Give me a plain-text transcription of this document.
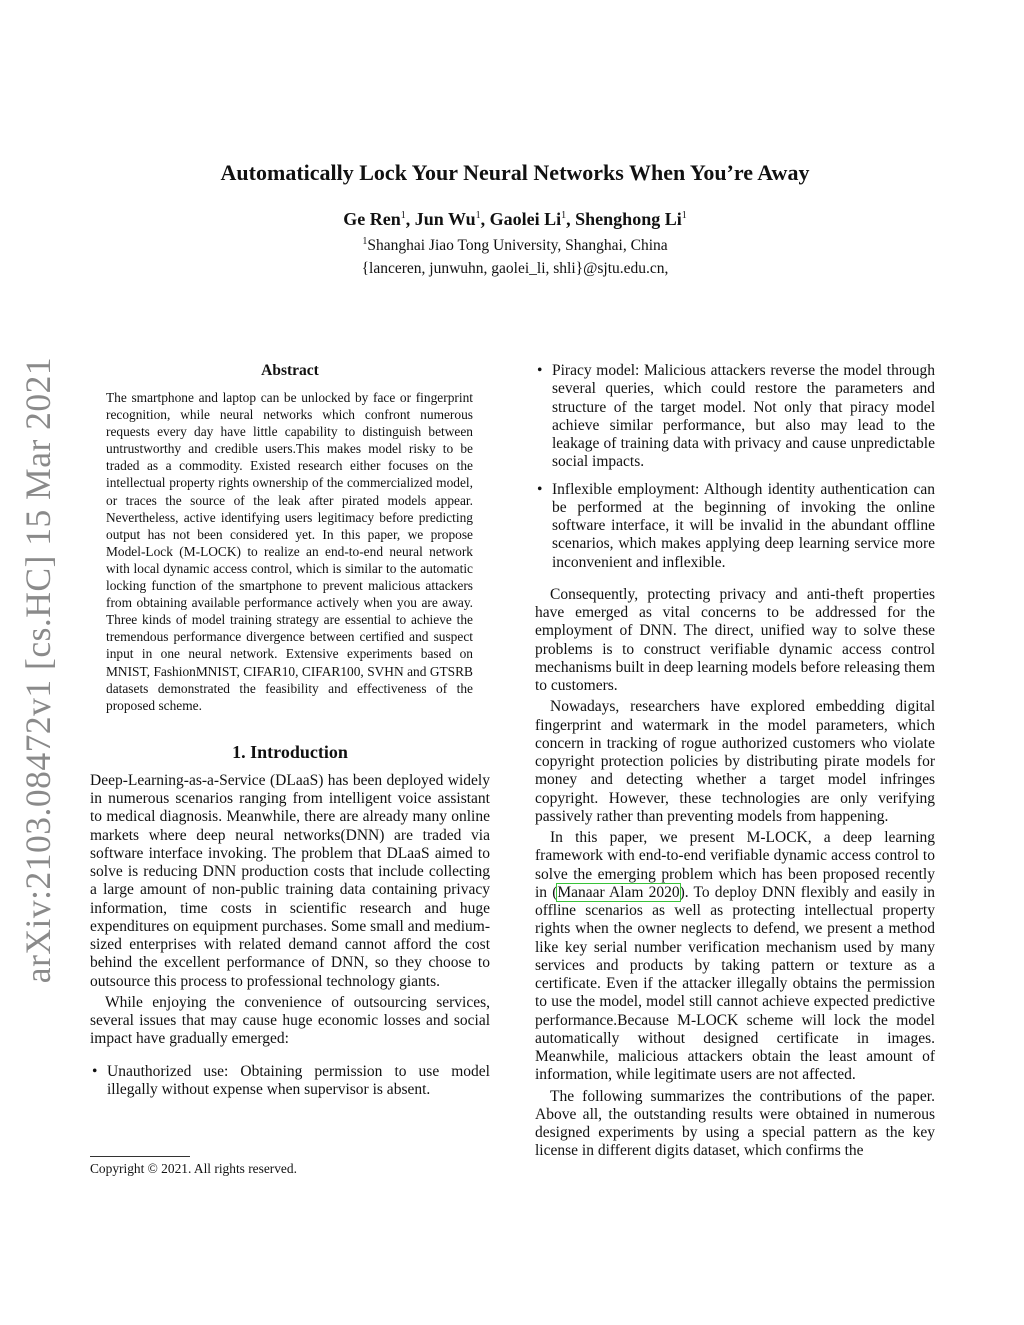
arXiv:2103.08472v1 [cs.HC] 15 Mar 2021
Automatically Lock Your Neural Networks When You’re Away
Ge Ren$^1$, Jun Wu$^1$, Gaolei Li$^1$, Shenghong Li$^1$
$^1$Shanghai Jiao Tong University, Shanghai, China
{lanceren, junwuhn, gaolei_li, shli}@sjtu.edu.cn,
Abstract

The smartphone and laptop can be unlocked by face or fingerprint recognition, while neural networks which confront numerous requests every day have little capability to distinguish between untrustworthy and credible users.This makes model risky to be traded as a commodity. Existed research either focuses on the intellectual property rights ownership of the commercialized model, or traces the source of the leak after pirated models appear. Nevertheless, active identifying users legitimacy before predicting output has not been considered yet. In this paper, we propose Model-Lock (M-LOCK) to realize an end-to-end neural network with local dynamic access control, which is similar to the automatic locking function of the smartphone to prevent malicious attackers from obtaining available performance actively when you are away. Three kinds of model training strategy are essential to achieve the tremendous performance divergence between certified and suspect input in one neural network. Extensive experiments based on MNIST, FashionMNIST, CIFAR10, CIFAR100, SVHN and GTSRB datasets demonstrated the feasibility and effectiveness of the proposed scheme.

1. Introduction

Deep-Learning-as-a-Service (DLaaS) has been deployed widely in numerous scenarios ranging from intelligent voice assistant to medical diagnosis. Meanwhile, there are already many online markets where deep neural networks(DNN) are traded via software interface invoking. The problem that DLaaS aimed to solve is reducing DNN production costs that include collecting a large amount of non-public training data containing privacy information, time costs in scientific research and huge expenditures on equipment purchases. Some small and medium-sized enterprises with related demand cannot afford the cost behind the excellent performance of DNN, so they choose to outsource this process to professional technology giants.

While enjoying the convenience of outsourcing services, several issues that may cause huge economic losses and social impact have gradually emerged:

• Unauthorized use: Obtaining permission to use model illegally without expense when supervisor is absent.
• Piracy model: Malicious attackers reverse the model through several queries, which could restore the parameters and structure of the target model. Not only that piracy model achieve similar performance, but also may lead to the leakage of training data with privacy and cause unpredictable social impacts.
• Inflexible employment: Although identity authentication can be performed at the beginning of invoking the online software interface, it will be invalid in the abundant offline scenarios, which makes applying deep learning service more inconvenient and inflexible.

Consequently, protecting privacy and anti-theft properties have emerged as vital concerns to be addressed for the employment of DNN. The direct, unified way to solve these problems is to construct verifiable dynamic access control mechanisms built in deep learning models before releasing them to customers.

Nowadays, researchers have explored embedding digital fingerprint and watermark in the model parameters, which concern in tracking of rogue authorized customers who violate copyright protection policies by distributing pirate models for money and detecting whether a target model infringes copyright. However, these technologies are only verifying passively rather than preventing models from happening.

In this paper, we present M-LOCK, a deep learning framework with end-to-end verifiable dynamic access control to solve the emerging problem which has been proposed recently in (Manaar Alam 2020). To deploy DNN flexibly and easily in offline scenarios as well as protecting intellectual property rights when the owner neglects to defend, we present a method like key serial number verification mechanism used by many services and products by taking pattern or texture as a certificate. Even if the attacker illegally obtains the permission to use the model, model still cannot achieve expected predictive performance.Because M-LOCK scheme will lock the model automatically without designed certificate in images. Meanwhile, malicious attackers obtain the least amount of information, while legitimate users are not affected.

The following summarizes the contributions of the paper. Above all, the outstanding results were obtained in numerous designed experiments by using a special pattern as the key license in different digits dataset, which confirms the

Copyright © 2021. All rights reserved.
